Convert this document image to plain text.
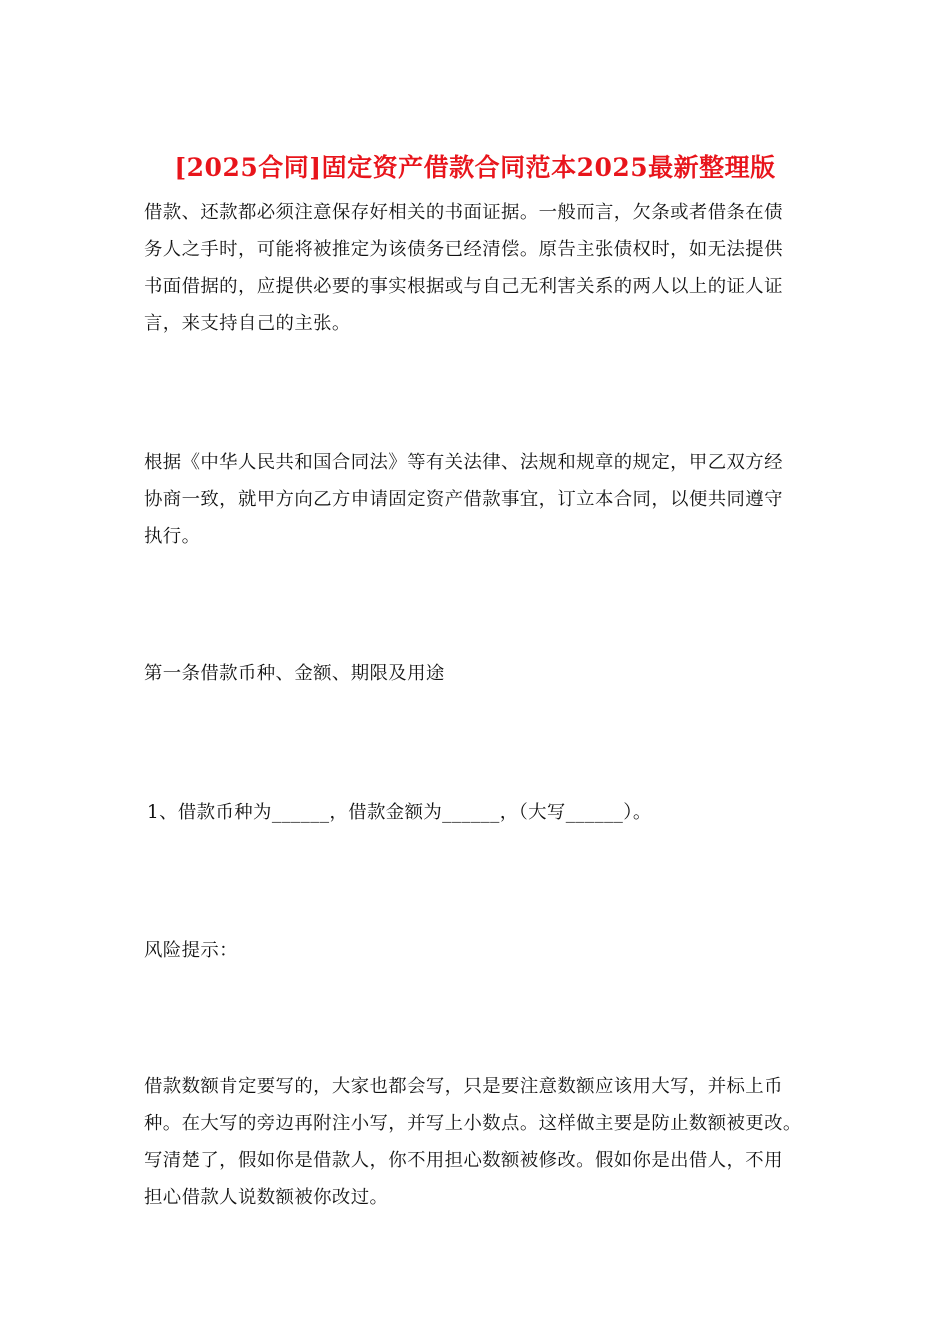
[2025合同]固定资产借款合同范本2025最新整理版

借款、还款都必须注意保存好相关的书面证据。一般而言，欠条或者借条在债
务人之手时，可能将被推定为该债务已经清偿。原告主张债权时，如无法提供
书面借据的，应提供必要的事实根据或与自己无利害关系的两人以上的证人证
言，来支持自己的主张。

根据《中华人民共和国合同法》等有关法律、法规和规章的规定，甲乙双方经
协商一致，就甲方向乙方申请固定资产借款事宜，订立本合同，以便共同遵守
执行。

第一条借款币种、金额、期限及用途

1、借款币种为______，借款金额为______，（大写______）。

风险提示：

借款数额肯定要写的，大家也都会写，只是要注意数额应该用大写，并标上币
种。在大写的旁边再附注小写，并写上小数点。这样做主要是防止数额被更改。
写清楚了，假如你是借款人，你不用担心数额被修改。假如你是出借人，不用
担心借款人说数额被你改过。
